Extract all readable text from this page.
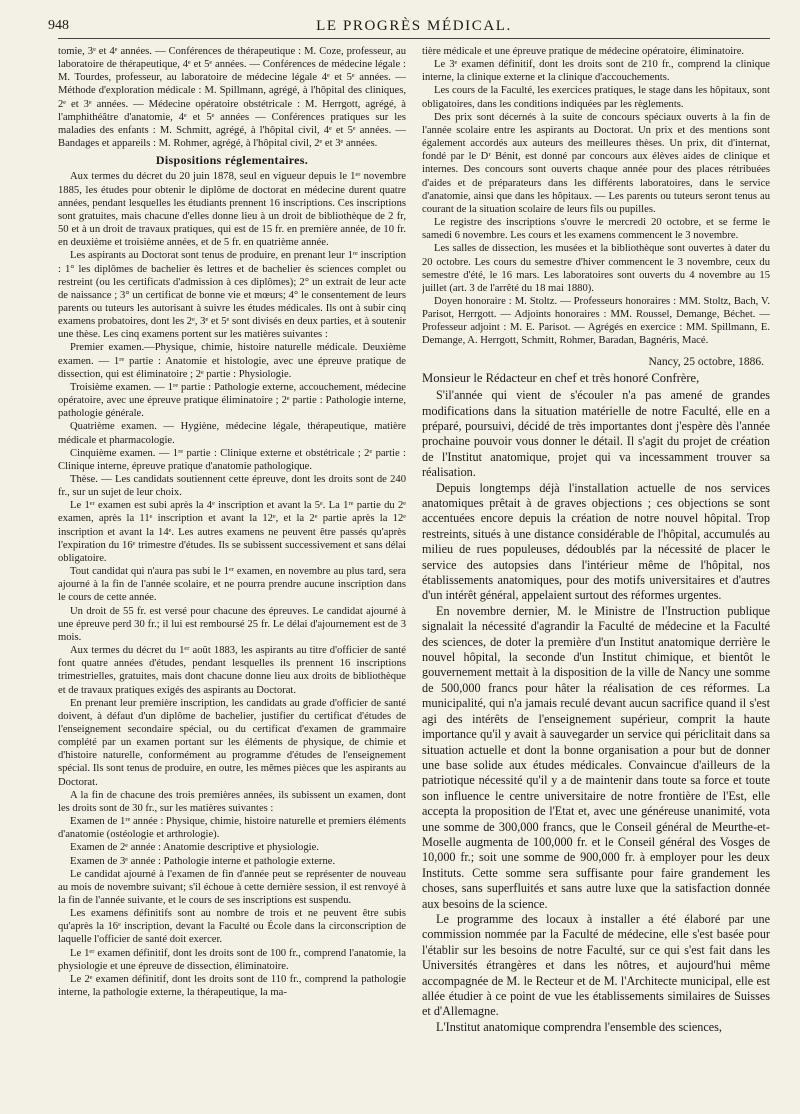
948	LE PROGRÈS MÉDICAL.

tomie, 3ᵉ et 4ᵉ années. — Conférences de thérapeutique : M. Coze, professeur, au laboratoire de thérapeutique, 4ᵉ et 5ᵉ années. — Conférences de médecine légale : M. Tourdes, professeur, au laboratoire de médecine légale 4ᵉ et 5ᵉ années. — Méthode d'exploration médicale : M. Spillmann, agrégé, à l'hôpital des cliniques, 2ᵉ et 3ᵉ années. — Médecine opératoire obstétricale : M. Herrgott, agrégé, à l'amphithéâtre d'anatomie, 4ᵉ et 5ᵉ années — Conférences pratiques sur les maladies des enfants : M. Schmitt, agrégé, à l'hôpital civil, 4ᵉ et 5ᵉ années. — Bandages et appareils : M. Rohmer, agrégé, à l'hôpital civil, 2ᵉ et 3ᵉ années.

Dispositions réglementaires.

Aux termes du décret du 20 juin 1878, seul en vigueur depuis le 1ᵉʳ novembre 1885, les études pour obtenir le diplôme de doctorat en médecine durent quatre années, pendant lesquelles les étudiants prennent 16 inscriptions. Ces inscriptions sont gratuites, mais chacune d'elles donne lieu à un droit de bibliothèque de 2 fr, 50 et à un droit de travaux pratiques, qui est de 15 fr. en première année, de 10 fr. en deuxième et troisième années, et de 5 fr. en quatrième année.

Les aspirants au Doctorat sont tenus de produire, en prenant leur 1ʳᵉ inscription : 1° les diplômes de bachelier ès lettres et de bachelier ès sciences complet ou restreint (ou les certificats d'admission à ces diplômes); 2° un extrait de leur acte de naissance ; 3° un certificat de bonne vie et mœurs; 4° le consentement de leurs parents ou tuteurs les autorisant à suivre les études médicales. Ils ont à subir cinq examens probatoires, dont les 2ᵉ, 3ᵉ et 5ᵉ sont divisés en deux parties, et à soutenir une thèse. Les cinq examens portent sur les matières suivantes :

Premier examen.—Physique, chimie, histoire naturelle médicale. Deuxième examen. — 1ʳᵉ partie : Anatomie et histologie, avec une épreuve pratique de dissection, qui est éliminatoire ; 2ᵉ partie : Physiologie.

Troisième examen. — 1ʳᵉ partie : Pathologie externe, accouchement, médecine opératoire, avec une épreuve pratique éliminatoire ; 2ᵉ partie : Pathologie interne, pathologie générale.

Quatrième examen. — Hygiène, médecine légale, thérapeutique, matière médicale et pharmacologie.

Cinquième examen. — 1ʳᵉ partie : Clinique externe et obstétricale ; 2ᵉ partie : Clinique interne, épreuve pratique d'anatomie pathologique.

Thèse. — Les candidats soutiennent cette épreuve, dont les droits sont de 240 fr., sur un sujet de leur choix.

Le 1ᵉʳ examen est subi après la 4ᵉ inscription et avant la 5ᵉ. La 1ʳᵉ partie du 2ᵉ examen, après la 11ᵉ inscription et avant la 12ᵉ, et la 2ᵉ partie après la 12ᵉ inscription et avant la 14ᵉ. Les autres examens ne peuvent être passés qu'après l'expiration du 16ᵉ trimestre d'études. Ils se subissent successivement et sans délai obligatoire.

Tout candidat qui n'aura pas subi le 1ᵉʳ examen, en novembre au plus tard, sera ajourné à la fin de l'année scolaire, et ne pourra prendre aucune inscription dans le cours de cette année.

Un droit de 55 fr. est versé pour chacune des épreuves. Le candidat ajourné à une épreuve perd 30 fr.; il lui est remboursé 25 fr. Le délai d'ajournement est de 3 mois.

Aux termes du décret du 1ᵉʳ août 1883, les aspirants au titre d'officier de santé font quatre années d'études, pendant lesquelles ils prennent 16 inscriptions trimestrielles, gratuites, mais dont chacune donne lieu aux droits de bibliothèque et de travaux pratiques exigés des aspirants au Doctorat.

En prenant leur première inscription, les candidats au grade d'officier de santé doivent, à défaut d'un diplôme de bachelier, justifier du certificat d'études de l'enseignement secondaire spécial, ou du certificat d'examen de grammaire complété par un examen portant sur les éléments de physique, de chimie et d'histoire naturelle, conformément au programme d'études de l'enseignement spécial. Ils sont tenus de produire, en outre, les mêmes pièces que les aspirants au Doctorat.

A la fin de chacune des trois premières années, ils subissent un examen, dont les droits sont de 30 fr., sur les matières suivantes :

Examen de 1ʳᵉ année : Physique, chimie, histoire naturelle et premiers éléments d'anatomie (ostéologie et arthrologie).

Examen de 2ᵉ année : Anatomie descriptive et physiologie.

Examen de 3ᵉ année : Pathologie interne et pathologie externe.

Le candidat ajourné à l'examen de fin d'année peut se représenter de nouveau au mois de novembre suivant; s'il échoue à cette dernière session, il est renvoyé à la fin de l'année suivante, et le cours de ses inscriptions est suspendu.

Les examens définitifs sont au nombre de trois et ne peuvent être subis qu'après la 16ᵉ inscription, devant la Faculté ou École dans la circonscription de laquelle l'officier de santé doit exercer.

Le 1ᵉʳ examen définitif, dont les droits sont de 100 fr., comprend l'anatomie, la physiologie et une épreuve de dissection, éliminatoire.

Le 2ᵉ examen définitif, dont les droits sont de 110 fr., comprend la pathologie interne, la pathologie externe, la thérapeutique, la ma-

tière médicale et une épreuve pratique de médecine opératoire, éliminatoire.

Le 3ᵉ examen définitif, dont les droits sont de 210 fr., comprend la clinique interne, la clinique externe et la clinique d'accouchements.

Les cours de la Faculté, les exercices pratiques, le stage dans les hôpitaux, sont obligatoires, dans les conditions indiquées par les règlements.

Des prix sont décernés à la suite de concours spéciaux ouverts à la fin de l'année scolaire entre les aspirants au Doctorat. Un prix et des mentions sont également accordés aux auteurs des meilleures thèses. Un prix, dit d'internat, fondé par le Dʳ Bénit, est donné par concours aux élèves aides de clinique et internes. Des concours sont ouverts chaque année pour des places rétribuées d'aides et de préparateurs dans les différents laboratoires, dans le service d'anatomie, ainsi que dans les hôpitaux. — Les parents ou tuteurs seront tenus au courant de la situation scolaire de leurs fils ou pupilles.

Le registre des inscriptions s'ouvre le mercredi 20 octobre, et se ferme le samedi 6 novembre. Les cours et les examens commencent le 3 novembre.

Les salles de dissection, les musées et la bibliothèque sont ouvertes à dater du 20 octobre. Les cours du semestre d'hiver commencent le 3 novembre, ceux du semestre d'été, le 16 mars. Les laboratoires sont ouverts du 4 novembre au 15 juillet (art. 3 de l'arrêté du 18 mai 1880).

Doyen honoraire : M. Stoltz. — Professeurs honoraires : MM. Stoltz, Bach, V. Parisot, Herrgott. — Adjoints honoraires : MM. Roussel, Demange, Béchet. — Professeur adjoint : M. E. Parisot. — Agrégés en exercice : MM. Spillmann, E. Demange, A. Herrgott, Schmitt, Rohmer, Baradan, Bagnéris, Macé.

Nancy, 25 octobre, 1886.
Monsieur le Rédacteur en chef et très honoré Confrère,

S'il'année qui vient de s'écouler n'a pas amené de grandes modifications dans la situation matérielle de notre Faculté, elle en a préparé, poursuivi, décidé de très importantes dont j'espère dès l'année prochaine pouvoir vous donner le détail. Il s'agit du projet de création de l'Institut anatomique, projet qui va incessamment trouver sa réalisation.

Depuis longtemps déjà l'installation actuelle de nos services anatomiques prêtait à de graves objections ; ces objections se sont accentuées encore depuis la création de notre nouvel hôpital. Trop restreints, situés à une distance considérable de l'hôpital, accumulés au milieu de rues populeuses, dédoublés par la nécessité de placer le service des autopsies dans l'intérieur même de l'hôpital, nos établissements anatomiques, pour des motifs universitaires et d'autres d'un intérêt général, appelaient surtout des réformes urgentes.

En novembre dernier, M. le Ministre de l'Instruction publique signalait la nécessité d'agrandir la Faculté de médecine et la Faculté des sciences, de doter la première d'un Institut anatomique derrière le nouvel hôpital, la seconde d'un Institut chimique, et bientôt le gouvernement mettait à la disposition de la ville de Nancy une somme de 500,000 francs pour hâter la réalisation de ces réformes. La municipalité, qui n'a jamais reculé devant aucun sacrifice quand il s'est agi des intérêts de l'enseignement supérieur, comprit la haute importance qu'il y avait à sauvegarder un service qui périclitait dans sa situation actuelle et dont la bonne organisation a pour but de donner une base solide aux études médicales. Convaincue d'ailleurs de la patriotique nécessité qu'il y a de maintenir dans toute sa force et toute son influence le centre universitaire de notre frontière de l'Est, elle accepta la proposition de l'Etat et, avec une généreuse unanimité, vota une somme de 300,000 francs, que le Conseil général de Meurthe-et-Moselle augmenta de 100,000 fr. et le Conseil général des Vosges de 10,000 fr.; soit une somme de 900,000 fr. à employer pour les deux Instituts. Cette somme sera suffisante pour faire grandement les choses, sans superfluités et sans autre luxe que la satisfaction donnée aux besoins de la science.

Le programme des locaux à installer a été élaboré par une commission nommée par la Faculté de médecine, elle s'est basée pour l'établir sur les besoins de notre Faculté, sur ce qui s'est fait dans les Universités étrangères et dans les nôtres, et aujourd'hui même accompagnée de M. le Recteur et de M. l'Architecte municipal, elle est allée étudier à ce point de vue les établissements similaires de Suisses et d'Allemagne.

L'Institut anatomique comprendra l'ensemble des sciences,
